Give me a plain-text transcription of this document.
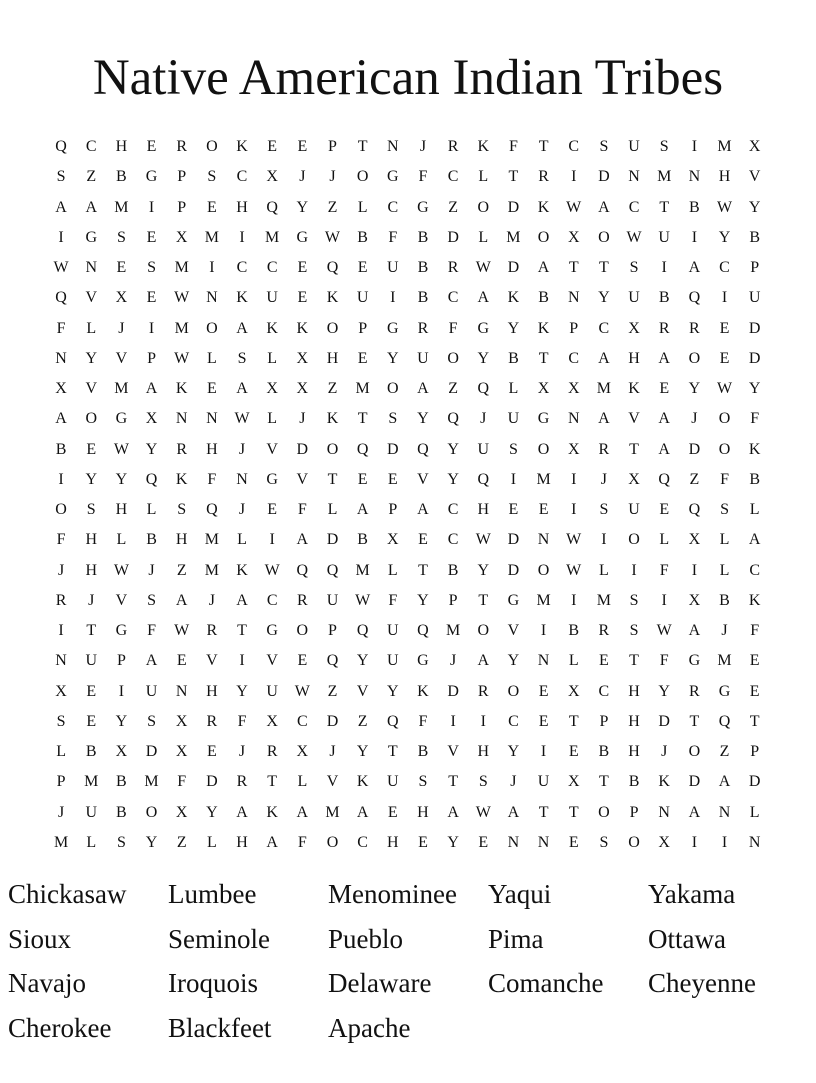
Native American Indian Tribes
Q	C	H	E	R	O	K	E	E	P	T	N	J	R	K	F	T	C	S	U	S	I	M	X
S	Z	B	G	P	S	C	X	J	J	O	G	F	C	L	T	R	I	D	N	M	N	H	V
A	A	M	I	P	E	H	Q	Y	Z	L	C	G	Z	O	D	K	W	A	C	T	B	W	Y
I	G	S	E	X	M	I	M	G	W	B	F	B	D	L	M	O	X	O	W	U	I	Y	B
W	N	E	S	M	I	C	C	E	Q	E	U	B	R	W	D	A	T	T	S	I	A	C	P
Q	V	X	E	W	N	K	U	E	K	U	I	B	C	A	K	B	N	Y	U	B	Q	I	U
F	L	J	I	M	O	A	K	K	O	P	G	R	F	G	Y	K	P	C	X	R	R	E	D
N	Y	V	P	W	L	S	L	X	H	E	Y	U	O	Y	B	T	C	A	H	A	O	E	D
X	V	M	A	K	E	A	X	X	Z	M	O	A	Z	Q	L	X	X	M	K	E	Y	W	Y
A	O	G	X	N	N	W	L	J	K	T	S	Y	Q	J	U	G	N	A	V	A	J	O	F
B	E	W	Y	R	H	J	V	D	O	Q	D	Q	Y	U	S	O	X	R	T	A	D	O	K
I	Y	Y	Q	K	F	N	G	V	T	E	E	V	Y	Q	I	M	I	J	X	Q	Z	F	B
O	S	H	L	S	Q	J	E	F	L	A	P	A	C	H	E	E	I	S	U	E	Q	S	L
F	H	L	B	H	M	L	I	A	D	B	X	E	C	W	D	N	W	I	O	L	X	L	A
J	H	W	J	Z	M	K	W	Q	Q	M	L	T	B	Y	D	O	W	L	I	F	I	L	C
R	J	V	S	A	J	A	C	R	U	W	F	Y	P	T	G	M	I	M	S	I	X	B	K
I	T	G	F	W	R	T	G	O	P	Q	U	Q	M	O	V	I	B	R	S	W	A	J	F
N	U	P	A	E	V	I	V	E	Q	Y	U	G	J	A	Y	N	L	E	T	F	G	M	E
X	E	I	U	N	H	Y	U	W	Z	V	Y	K	D	R	O	E	X	C	H	Y	R	G	E
S	E	Y	S	X	R	F	X	C	D	Z	Q	F	I	I	C	E	T	P	H	D	T	Q	T
L	B	X	D	X	E	J	R	X	J	Y	T	B	V	H	Y	I	E	B	H	J	O	Z	P
P	M	B	M	F	D	R	T	L	V	K	U	S	T	S	J	U	X	T	B	K	D	A	D
J	U	B	O	X	Y	A	K	A	M	A	E	H	A	W	A	T	T	O	P	N	A	N	L
M	L	S	Y	Z	L	H	A	F	O	C	H	E	Y	E	N	N	E	S	O	X	I	I	N
Chickasaw	Lumbee	Menominee	Yaqui	Yakama
Sioux	Seminole	Pueblo	Pima	Ottawa
Navajo	Iroquois	Delaware	Comanche	Cheyenne
Cherokee	Blackfeet	Apache
